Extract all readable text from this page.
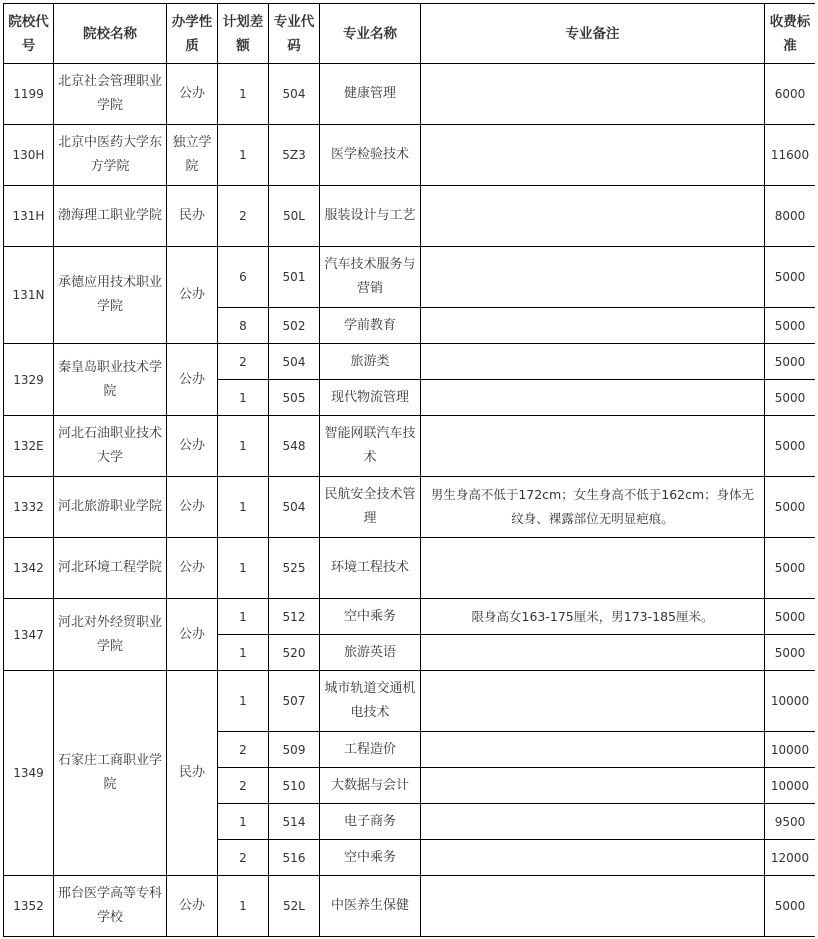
院校代号	院校名称	办学性质	计划差额	专业代码	专业名称	专业备注	收费标准
1199	北京社会管理职业学院	公办	1	504	健康管理		6000
130H	北京中医药大学东方学院	独立学院	1	5Z3	医学检验技术		11600
131H	渤海理工职业学院	民办	2	50L	服装设计与工艺		8000
131N	承德应用技术职业学院	公办	6	501	汽车技术服务与营销		5000
			8	502	学前教育		5000
1329	秦皇岛职业技术学院	公办	2	504	旅游类		5000
			1	505	现代物流管理		5000
132E	河北石油职业技术大学	公办	1	548	智能网联汽车技术		5000
1332	河北旅游职业学院	公办	1	504	民航安全技术管理	男生身高不低于172cm；女生身高不低于162cm；身体无纹身、裸露部位无明显疤痕。	5000
1342	河北环境工程学院	公办	1	525	环境工程技术		5000
1347	河北对外经贸职业学院	公办	1	512	空中乘务	限身高女163-175厘米，男173-185厘米。	5000
			1	520	旅游英语		5000
1349	石家庄工商职业学院	民办	1	507	城市轨道交通机电技术		10000
			2	509	工程造价		10000
			2	510	大数据与会计		10000
			1	514	电子商务		9500
			2	516	空中乘务		12000
1352	邢台医学高等专科学校	公办	1	52L	中医养生保健		5000
